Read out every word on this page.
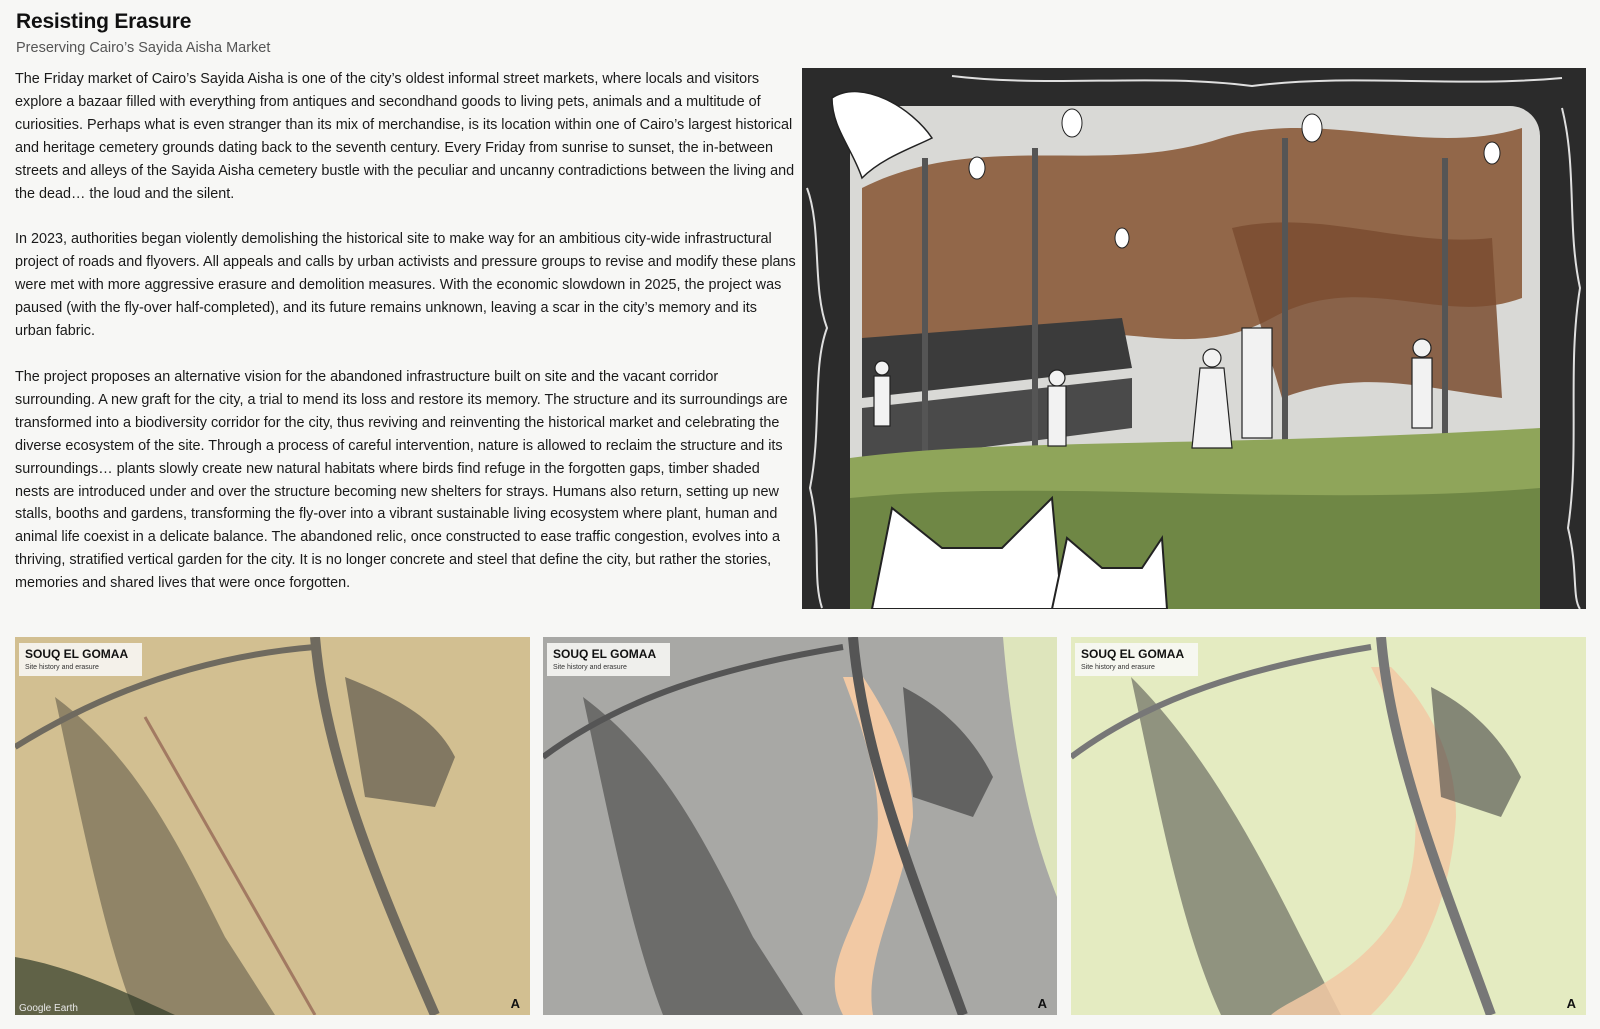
Resisting Erasure
Preserving Cairo’s Sayida Aisha Market

The Friday market of Cairo’s Sayida Aisha is one of the city’s oldest informal street markets, where locals and visitors explore a bazaar filled with everything from antiques and secondhand goods to living pets, animals and a multitude of curiosities. Perhaps what is even stranger than its mix of merchandise, is its location within one of Cairo’s largest historical and heritage cemetery grounds dating back to the seventh century. Every Friday from sunrise to sunset, the in-between streets and alleys of the Sayida Aisha cemetery bustle with the peculiar and uncanny contradictions between the living and the dead… the loud and the silent.

In 2023, authorities began violently demolishing the historical site to make way for an ambitious city-wide infrastructural project of roads and flyovers. All appeals and calls by urban activists and pressure groups to revise and modify these plans were met with more aggressive erasure and demolition measures. With the economic slowdown in 2025, the project was paused (with the fly-over half-completed), and its future remains unknown, leaving a scar in the city’s memory and its urban fabric.

The project proposes an alternative vision for the abandoned infrastructure built on site and the vacant corridor surrounding. A new graft for the city, a trial to mend its loss and restore its memory. The structure and its surroundings are transformed into a biodiversity corridor for the city, thus reviving and reinventing the historical market and celebrating the diverse ecosystem of the site. Through a process of careful intervention, nature is allowed to reclaim the structure and its surroundings… plants slowly create new natural habitats where birds find refuge in the forgotten gaps, timber shaded nests are introduced under and over the structure becoming new shelters for strays. Humans also return, setting up new stalls, booths and gardens, transforming the fly-over into a vibrant sustainable living ecosystem where plant, human and animal life coexist in a delicate balance. The abandoned relic, once constructed to ease traffic congestion, evolves into a thriving, stratified vertical garden for the city. It is no longer concrete and steel that define the city, but rather the stories, memories and shared lives that were once forgotten.

SOUQ EL GOMAA
Site history and erasure
Google Earth	A
SOUQ EL GOMAA
Site history and erasure
A
SOUQ EL GOMAA
Site history and erasure
A
